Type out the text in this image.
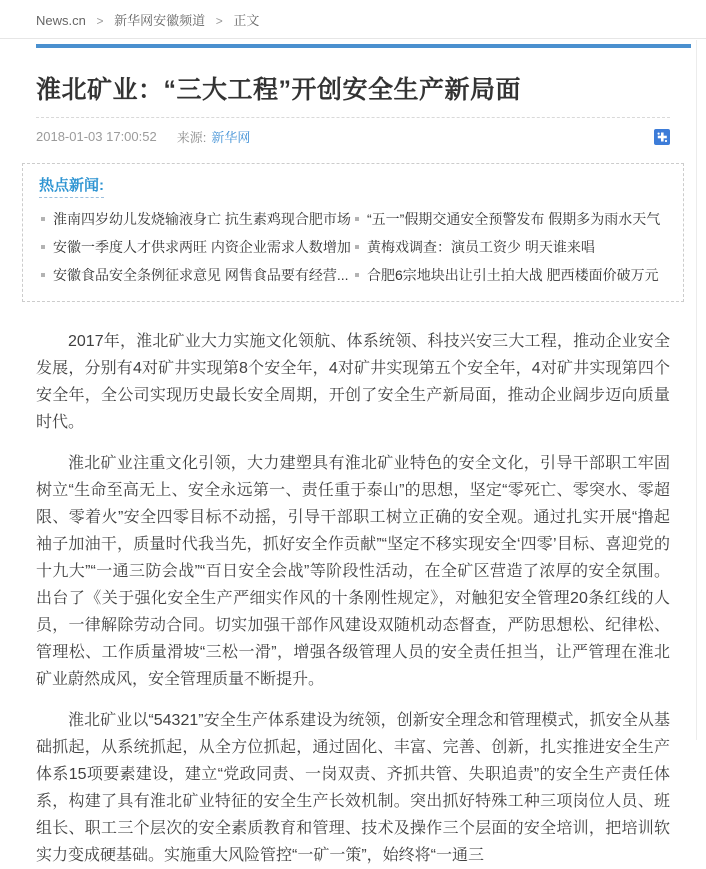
News.cn > 新华网安徽频道 > 正文
淮北矿业：“三大工程”开创安全生产新局面
2018-01-03 17:00:52 来源: 新华网
热点新闻:
淮南四岁幼儿发烧输液身亡 抗生素鸡现合肥市场
安徽一季度人才供求两旺 内资企业需求人数增加
安徽食品安全条例征求意见 网售食品要有经营...
“五一”假期交通安全预警发布 假期多为雨水天气
黄梅戏调查：演员工资少 明天谁来唱
合肥6宗地块出让引土拍大战 肥西楼面价破万元

2017年，淮北矿业大力实施文化领航、体系统领、科技兴安三大工程，推动企业安全发展，分别有4对矿井实现第8个安全年，4对矿井实现第五个安全年，4对矿井实现第四个安全年，全公司实现历史最长安全周期，开创了安全生产新局面，推动企业阔步迈向质量时代。

淮北矿业注重文化引领，大力建塑具有淮北矿业特色的安全文化，引导干部职工牢固树立“生命至高无上、安全永远第一、责任重于泰山”的思想，坚定“零死亡、零突水、零超限、零着火”安全四零目标不动摇，引导干部职工树立正确的安全观。通过扎实开展“撸起袖子加油干，质量时代我当先，抓好安全作贡献”“坚定不移实现安全‘四零’目标、喜迎党的十九大”“一通三防会战”“百日安全会战”等阶段性活动，在全矿区营造了浓厚的安全氛围。出台了《关于强化安全生产严细实作风的十条刚性规定》，对触犯安全管理20条红线的人员，一律解除劳动合同。切实加强干部作风建设双随机动态督查，严防思想松、纪律松、管理松、工作质量滑坡“三松一滑”，增强各级管理人员的安全责任担当，让严管理在淮北矿业蔚然成风，安全管理质量不断提升。

淮北矿业以“54321”安全生产体系建设为统领，创新安全理念和管理模式，抓安全从基础抓起，从系统抓起，从全方位抓起，通过固化、丰富、完善、创新，扎实推进安全生产体系15项要素建设，建立“党政同责、一岗双责、齐抓共管、失职追责”的安全生产责任体系，构建了具有淮北矿业特征的安全生产长效机制。突出抓好特殊工种三项岗位人员、班组长、职工三个层次的安全素质教育和管理、技术及操作三个层面的安全培训，把培训软实力变成硬基础。实施重大风险管控“一矿一策”，始终将“一通三
